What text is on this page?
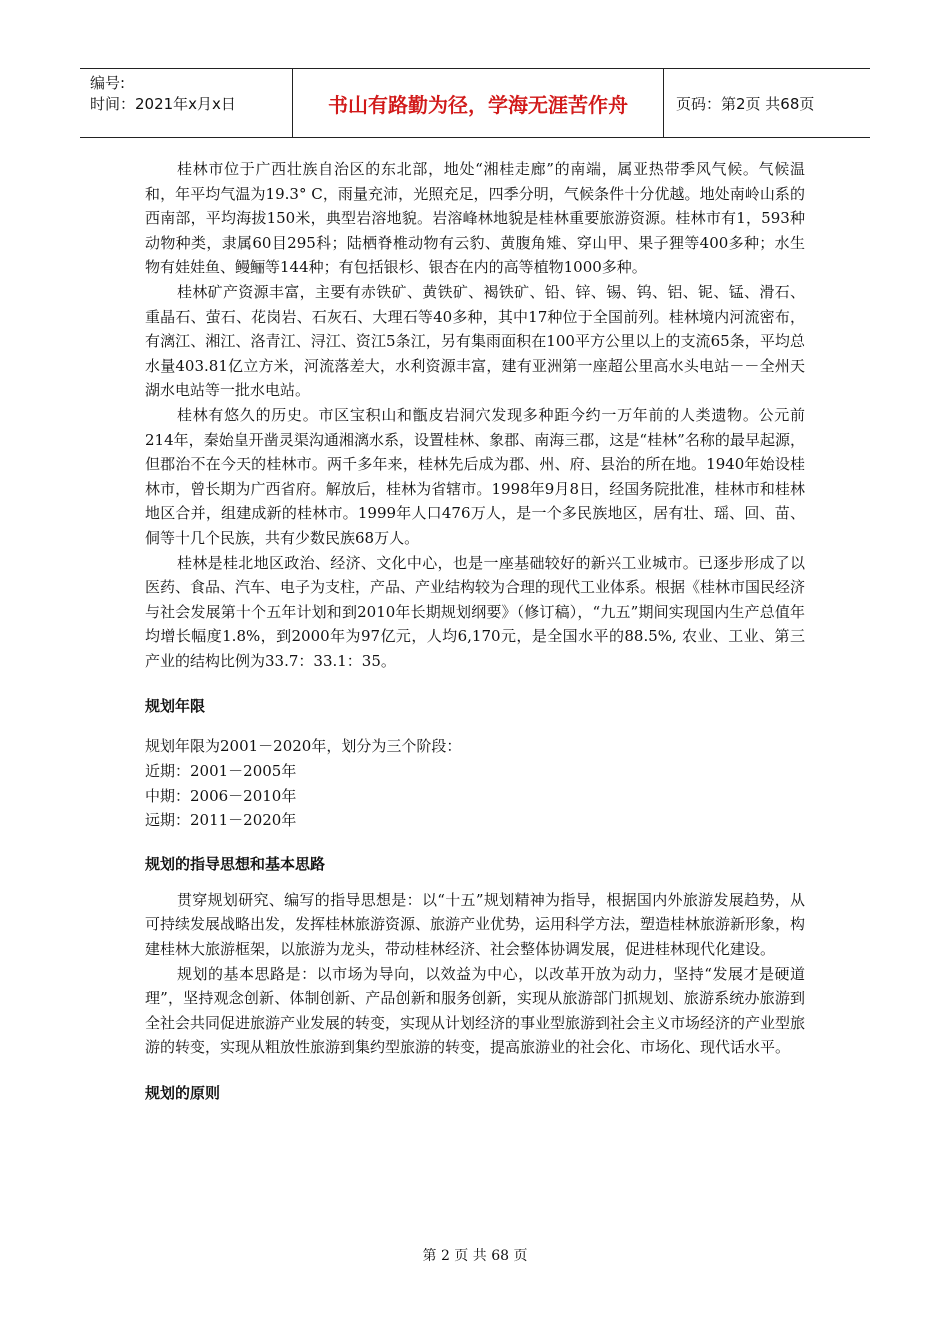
编号:
时间：2021年x月x日	书山有路勤为径，学海无涯苦作舟	页码：第2页 共68页

桂林市位于广西壮族自治区的东北部，地处“湘桂走廊”的南端，属亚热带季风气候。气候温和，年平均气温为19.3° C，雨量充沛，光照充足，四季分明，气候条件十分优越。地处南岭山系的西南部，平均海拔150米，典型岩溶地貌。岩溶峰林地貌是桂林重要旅游资源。桂林市有1，593种动物种类，隶属60目295科；陆栖脊椎动物有云豹、黄腹角雉、穿山甲、果子狸等400多种；水生物有娃娃鱼、鳗鲡等144种；有包括银杉、银杏在内的高等植物1000多种。

桂林矿产资源丰富，主要有赤铁矿、黄铁矿、褐铁矿、铅、锌、锡、钨、铝、铌、锰、滑石、重晶石、萤石、花岗岩、石灰石、大理石等40多种，其中17种位于全国前列。桂林境内河流密布，有漓江、湘江、洛青江、浔江、资江5条江，另有集雨面积在100平方公里以上的支流65条，平均总水量403.81亿立方米，河流落差大，水利资源丰富，建有亚洲第一座超公里高水头电站－－全州天湖水电站等一批水电站。

桂林有悠久的历史。市区宝积山和甑皮岩洞穴发现多种距今约一万年前的人类遗物。公元前214年，秦始皇开凿灵渠沟通湘漓水系，设置桂林、象郡、南海三郡，这是“桂林”名称的最早起源，但郡治不在今天的桂林市。两千多年来，桂林先后成为郡、州、府、县治的所在地。1940年始设桂林市，曾长期为广西省府。解放后，桂林为省辖市。1998年9月8日，经国务院批准，桂林市和桂林地区合并，组建成新的桂林市。1999年人口476万人，是一个多民族地区，居有壮、瑶、回、苗、侗等十几个民族，共有少数民族68万人。

桂林是桂北地区政治、经济、文化中心，也是一座基础较好的新兴工业城市。已逐步形成了以医药、食品、汽车、电子为支柱，产品、产业结构较为合理的现代工业体系。根据《桂林市国民经济与社会发展第十个五年计划和到2010年长期规划纲要》（修订稿），“九五”期间实现国内生产总值年均增长幅度1.8%，到2000年为97亿元，人均6,170元，是全国水平的88.5%, 农业、工业、第三产业的结构比例为33.7：33.1：35。

规划年限

规划年限为2001－2020年，划分为三个阶段：

近期：2001－2005年

中期：2006－2010年

远期：2011－2020年

规划的指导思想和基本思路

贯穿规划研究、编写的指导思想是：以“十五”规划精神为指导，根据国内外旅游发展趋势，从可持续发展战略出发，发挥桂林旅游资源、旅游产业优势，运用科学方法，塑造桂林旅游新形象，构建桂林大旅游框架，以旅游为龙头，带动桂林经济、社会整体协调发展，促进桂林现代化建设。

规划的基本思路是：以市场为导向，以效益为中心，以改革开放为动力，坚持“发展才是硬道理”，坚持观念创新、体制创新、产品创新和服务创新，实现从旅游部门抓规划、旅游系统办旅游到全社会共同促进旅游产业发展的转变，实现从计划经济的事业型旅游到社会主义市场经济的产业型旅游的转变，实现从粗放性旅游到集约型旅游的转变，提高旅游业的社会化、市场化、现代话水平。

规划的原则

第 2 页 共 68 页
